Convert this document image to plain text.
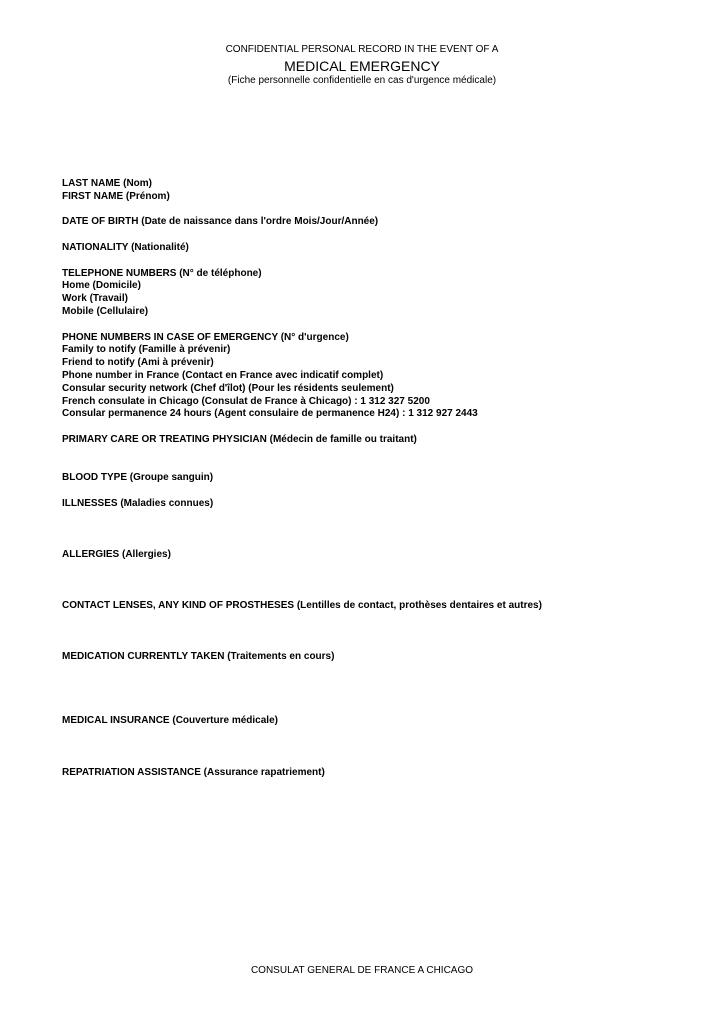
CONFIDENTIAL PERSONAL RECORD IN THE EVENT OF A
MEDICAL EMERGENCY
(Fiche personnelle confidentielle en cas d'urgence médicale)
LAST NAME (Nom)
FIRST NAME (Prénom)
DATE OF BIRTH (Date de naissance dans l'ordre Mois/Jour/Année)
NATIONALITY (Nationalité)
TELEPHONE NUMBERS (N° de téléphone)
Home (Domicile)
Work (Travail)
Mobile (Cellulaire)
PHONE NUMBERS IN CASE OF EMERGENCY (N° d'urgence)
Family to notify (Famille à prévenir)
Friend to notify (Ami à prévenir)
Phone number in France (Contact en France avec indicatif complet)
Consular security network (Chef d'îlot) (Pour les résidents seulement)
French consulate in Chicago (Consulat de France à Chicago) : 1 312 327 5200
Consular permanence 24 hours (Agent consulaire de permanence H24) : 1 312 927 2443
PRIMARY CARE OR TREATING PHYSICIAN (Médecin de famille ou traitant)
BLOOD TYPE (Groupe sanguin)
ILLNESSES (Maladies connues)
ALLERGIES (Allergies)
CONTACT LENSES, ANY KIND OF PROSTHESES (Lentilles de contact, prothèses dentaires et autres)
MEDICATION CURRENTLY TAKEN (Traitements en cours)
MEDICAL INSURANCE (Couverture médicale)
REPATRIATION ASSISTANCE (Assurance rapatriement)
CONSULAT GENERAL DE FRANCE A CHICAGO
